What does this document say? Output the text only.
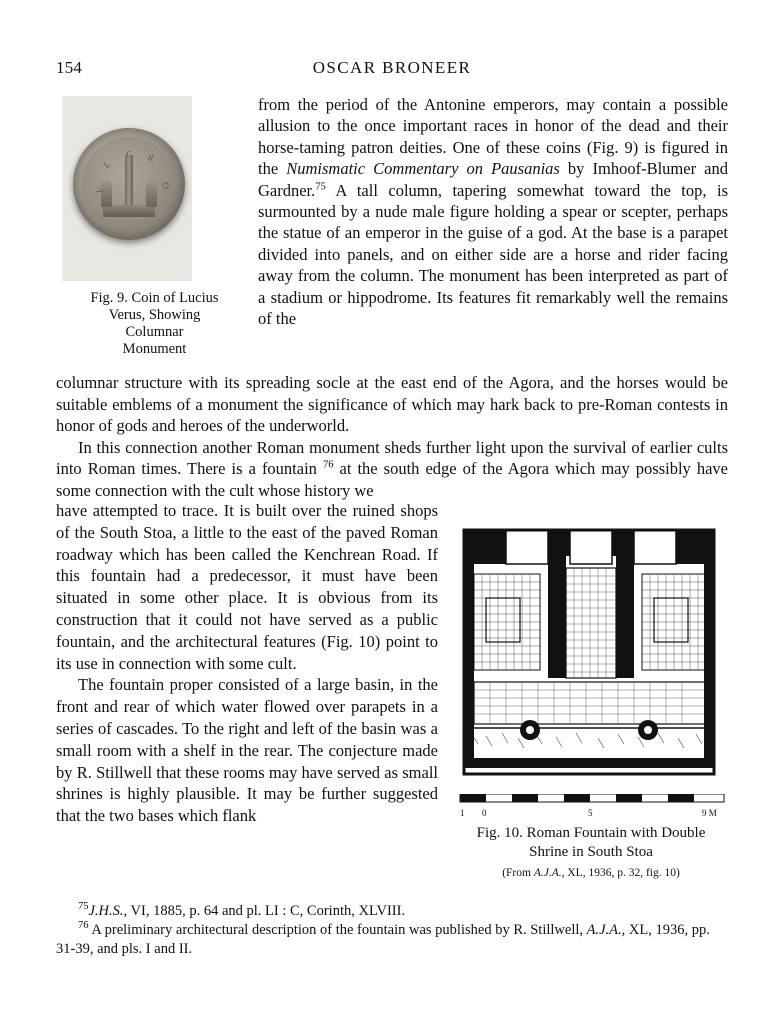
OSCAR BRONEER
154
L
C R
V	O
Fig. 9. Coin of Lucius
Verus, Showing
Columnar
Monument
from the period of the Antonine emperors, may contain a possible allusion to the once important races in honor of the dead and their horse-taming patron deities. One of these coins (Fig. 9) is figured in the Numismatic Commentary on Pausanias by Imhoof-Blumer and Gardner.$^{75}$ A tall column, tapering somewhat toward the top, is surmounted by a nude male figure holding a spear or scepter, perhaps the statue of an emperor in the guise of a god. At the base is a parapet divided into panels, and on either side are a horse and rider facing away from the column. The monument has been interpreted as part of a stadium or hippodrome. Its features fit remarkably well the remains of the

columnar structure with its spreading socle at the east end of the Agora, and the horses would be suitable emblems of a monument the significance of which may hark back to pre-Roman contests in honor of gods and heroes of the underworld.

In this connection another Roman monument sheds further light upon the survival of earlier cults into Roman times. There is a fountain $^{76}$ at the south edge of the Agora which may possibly have some connection with the cult whose history we

have attempted to trace. It is built over the ruined shops of the South Stoa, a little to the east of the paved Roman roadway which has been called the Kenchrean Road. If this fountain had a predecessor, it must have been situated in some other place. It is obvious from its construction that it could not have served as a public fountain, and the architectural features (Fig. 10) point to its use in connection with some cult.

The fountain proper consisted of a large basin, in the front and rear of which water flowed over parapets in a series of cascades. To the right and left of the basin was a small room with a shelf in the rear. The conjecture made by R. Stillwell that these rooms may have served as small shrines is highly plausible. It may be further suggested that the two bases which flank	1 0	5	9 M
Fig. 10. Roman Fountain with Double
Shrine in South Stoa
(From A.J.A., XL, 1936, p. 32, fig. 10)

$^{75}$J.H.S., VI, 1885, p. 64 and pl. LI : C, Corinth, XLVIII.

$^{76}$ A preliminary architectural description of the fountain was published by R. Stillwell, A.J.A., XL, 1936, pp. 31-39, and pls. I and II.
